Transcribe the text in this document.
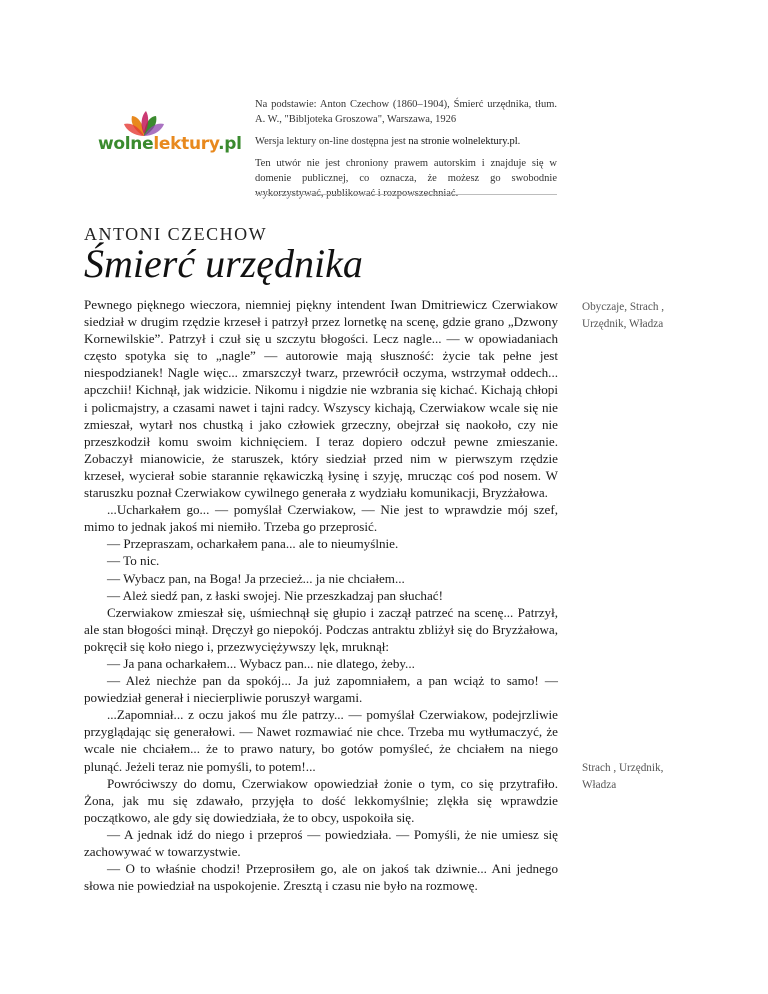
wolnelektury.pl

Na podstawie: Anton Czechow (1860–1904), Śmierć urzędnika, tłum. A. W., "Bibljoteka Groszowa", Warszawa, 1926

Wersja lektury on-line dostępna jest na stronie wolnelektury.pl.

Ten utwór nie jest chroniony prawem autorskim i znajduje się w domenie publicznej, co oznacza, że możesz go swobodnie

ANTONI CZECHOW
Śmierć urzędnika

Pewnego pięknego wieczora, niemniej piękny intendent Iwan Dmitriewicz Czerwiakow siedział w drugim rzędzie krzeseł i patrzył przez lornetkę na scenę, gdzie grano „Dzwony Kornewilskie”. Patrzył i czuł się u szczytu błogości. Lecz nagle... — w opowiadaniach często spotyka się to „nagle” — autorowie mają słuszność: życie tak pełne jest niespodzianek! Nagle więc... zmarszczył twarz, przewrócił oczyma, wstrzymał oddech... apczchii! Kichnął, jak widzicie. Nikomu i nigdzie nie wzbrania się kichać. Kichają chłopi i policmajstry, a czasami nawet i tajni radcy. Wszyscy kichają, Czerwiakow wcale się nie zmieszał, wytarł nos chustką i jako człowiek grzeczny, obejrzał się naokoło, czy nie przeszkodził komu swoim kichnięciem. I teraz dopiero odczuł pewne zmieszanie. Zobaczył mianowicie, że staruszek, który siedział przed nim w pierwszym rzędzie krzeseł, wycierał sobie starannie rękawiczką łysinę i szyję, mrucząc coś pod nosem. W staruszku poznał Czerwiakow cywilnego generała z wydziału komunikacji, Bryzżałowa.

...Ucharkałem go... — pomyślał Czerwiakow, — Nie jest to wprawdzie mój szef, mimo to jednak jakoś mi niemiło. Trzeba go przeprosić.

— Przepraszam, ocharkałem pana... ale to nieumyślnie.

— To nic.

— Wybacz pan, na Boga! Ja przecież... ja nie chciałem...

— Ależ siedź pan, z łaski swojej. Nie przeszkadzaj pan słuchać!

Czerwiakow zmieszał się, uśmiechnął się głupio i zaczął patrzeć na scenę... Patrzył, ale stan błogości minął. Dręczył go niepokój. Podczas antraktu zbliżył się do Bryzżałowa, pokręcił się koło niego i, przezwyciężywszy lęk, mruknął:

— Ja pana ocharkałem... Wybacz pan... nie dlatego, żeby...

— Ależ niechże pan da spokój... Ja już zapomniałem, a pan wciąż to samo! — powiedział generał i niecierpliwie poruszył wargami.

...Zapomniał... z oczu jakoś mu źle patrzy... — pomyślał Czerwiakow, podejrzliwie przyglądając się generałowi. — Nawet rozmawiać nie chce. Trzeba mu wytłumaczyć, że wcale nie chciałem... że to prawo natury, bo gotów pomyśleć, że chciałem na niego plunąć. Jeżeli teraz nie pomyśli, to potem!...

Powróciwszy do domu, Czerwiakow opowiedział żonie o tym, co się przytrafiło. Żona, jak mu się zdawało, przyjęła to dość lekkomyślnie; zlękła się wprawdzie początkowo, ale gdy się dowiedziała, że to obcy, uspokoiła się.

— A jednak idź do niego i przeproś — powiedziała. — Pomyśli, że nie umiesz się zachowywać w towarzystwie.

— O to właśnie chodzi! Przeprosiłem go, ale on jakoś tak dziwnie... Ani jednego słowa nie powiedział na uspokojenie. Zresztą i czasu nie było na rozmowę.

Obyczaje, Strach , Urzędnik, Władza
Strach , Urzędnik, Władza
